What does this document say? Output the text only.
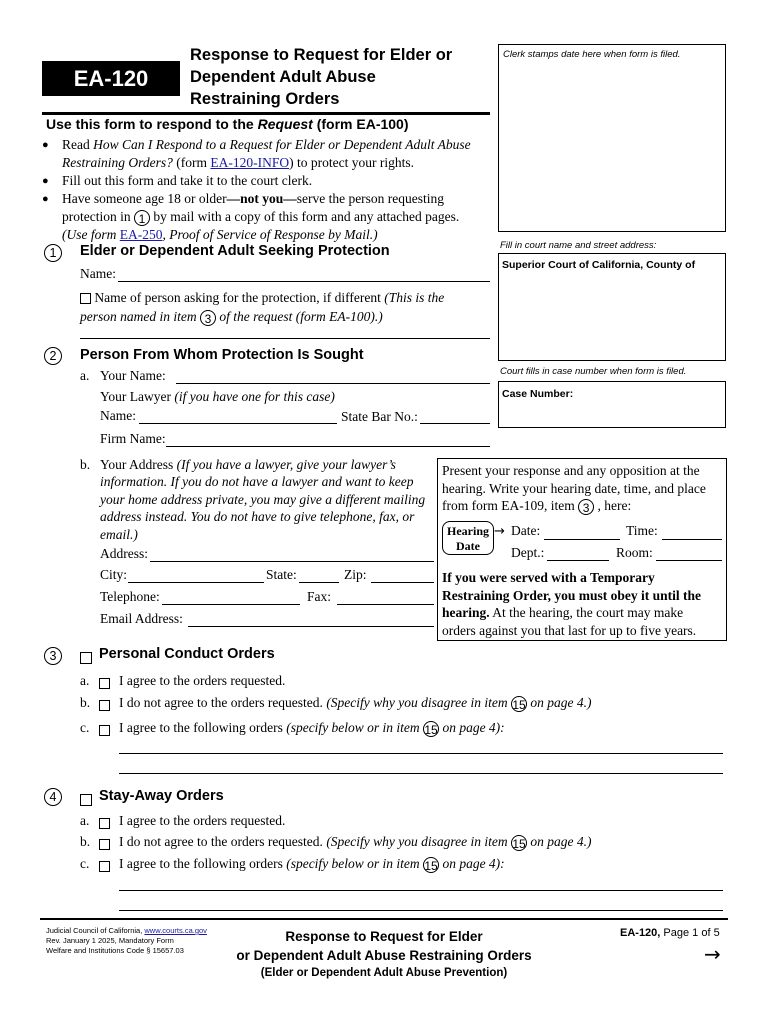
EA-120
Response to Request for Elder or
Dependent Adult Abuse
Restraining Orders
Clerk stamps date here when form is filed.
Fill in court name and street address:
Superior Court of California, County of
Court fills in case number when form is filed.
Case Number:
Use this form to respond to the Request (form EA-100)
● Read How Can I Respond to a Request for Elder or Dependent Adult Abuse
Restraining Orders? (form EA-120-INFO) to protect your rights.
● Fill out this form and take it to the court clerk.
● Have someone age 18 or older—not you—serve the person requesting
protection in 1 by mail with a copy of this form and any attached pages.
(Use form EA-250, Proof of Service of Response by Mail.)
1	Elder or Dependent Adult Seeking Protection
Name:
Name of person asking for the protection, if different (This is the
person named in item 3 of the request (form EA-100).)
2	Person From Whom Protection Is Sought
a. Your Name:
Your Lawyer (if you have one for this case)
Name:	State Bar No.:
Firm Name:
b. Your Address (If you have a lawyer, give your lawyer’s
information. If you do not have a lawyer and want to keep
your home address private, you may give a different mailing
address instead. You do not have to give telephone, fax, or
email.)
Address:
City:	State:	Zip:
Telephone:	Fax:
Email Address:
Present your response and any opposition at the
hearing. Write your hearing date, time, and place
from form EA-109, item 3 , here:
Hearing
Date
→ Date:	Time:
Dept.:	Room:
If you were served with a Temporary
Restraining Order, you must obey it until the
hearing. At the hearing, the court may make
orders against you that last for up to five years.
3	Personal Conduct Orders
a. I agree to the orders requested.
b. I do not agree to the orders requested. (Specify why you disagree in item 15 on page 4.)
c. I agree to the following orders (specify below or in item 15 on page 4):
4	Stay-Away Orders
a. I agree to the orders requested.
b. I do not agree to the orders requested. (Specify why you disagree in item 15 on page 4.)
c. I agree to the following orders (specify below or in item 15 on page 4):
Judicial Council of California, www.courts.ca.gov
Rev. January 1 2025, Mandatory Form
Welfare and Institutions Code § 15657.03
Response to Request for Elder
or Dependent Adult Abuse Restraining Orders
(Elder or Dependent Adult Abuse Prevention)
EA-120, Page 1 of 5
→
